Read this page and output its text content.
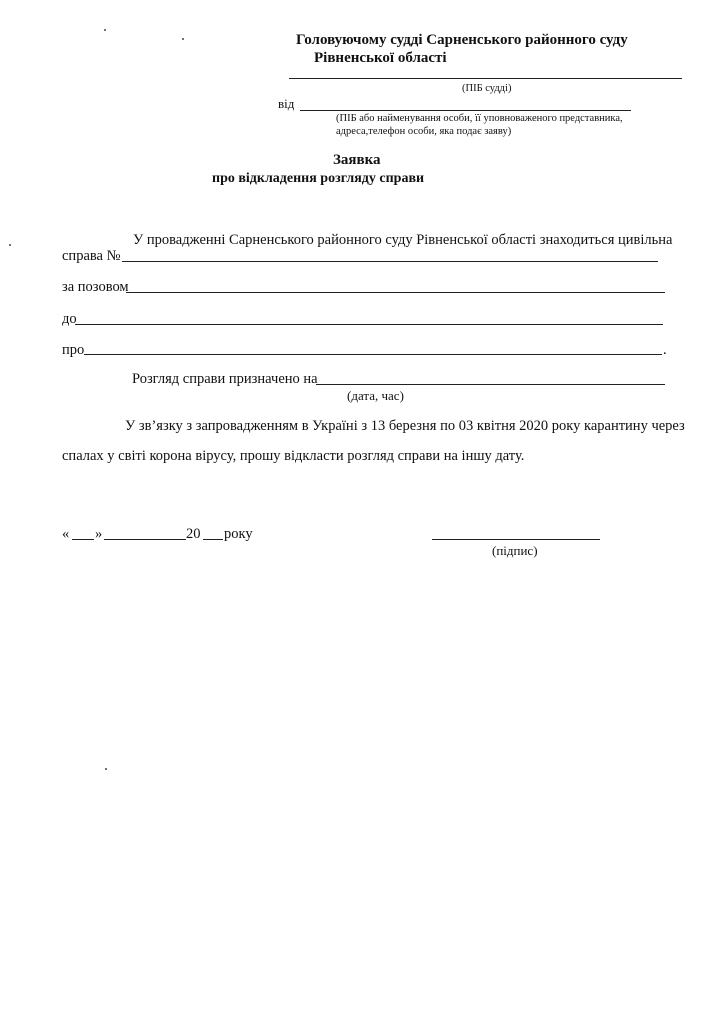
Головуючому судді Сарненського районного суду
Рівненської області
(ПІБ судді)
від
(ПІБ або найменування особи, її уповноваженого представника,
адреса,телефон особи, яка подає заяву)
Заявка
про відкладення розгляду справи
У провадженні Сарненського районного суду Рівненської області знаходиться цивільна
справа №
за позовом
до
про	.
Розгляд справи призначено на
(дата, час)
У зв’язку з запровадженням в Україні з 13 березня по 03 квітня 2020 року карантину через
спалах у світі корона вірусу, прошу відкласти розгляд справи на іншу дату.
« »	20 року
(підпис)
